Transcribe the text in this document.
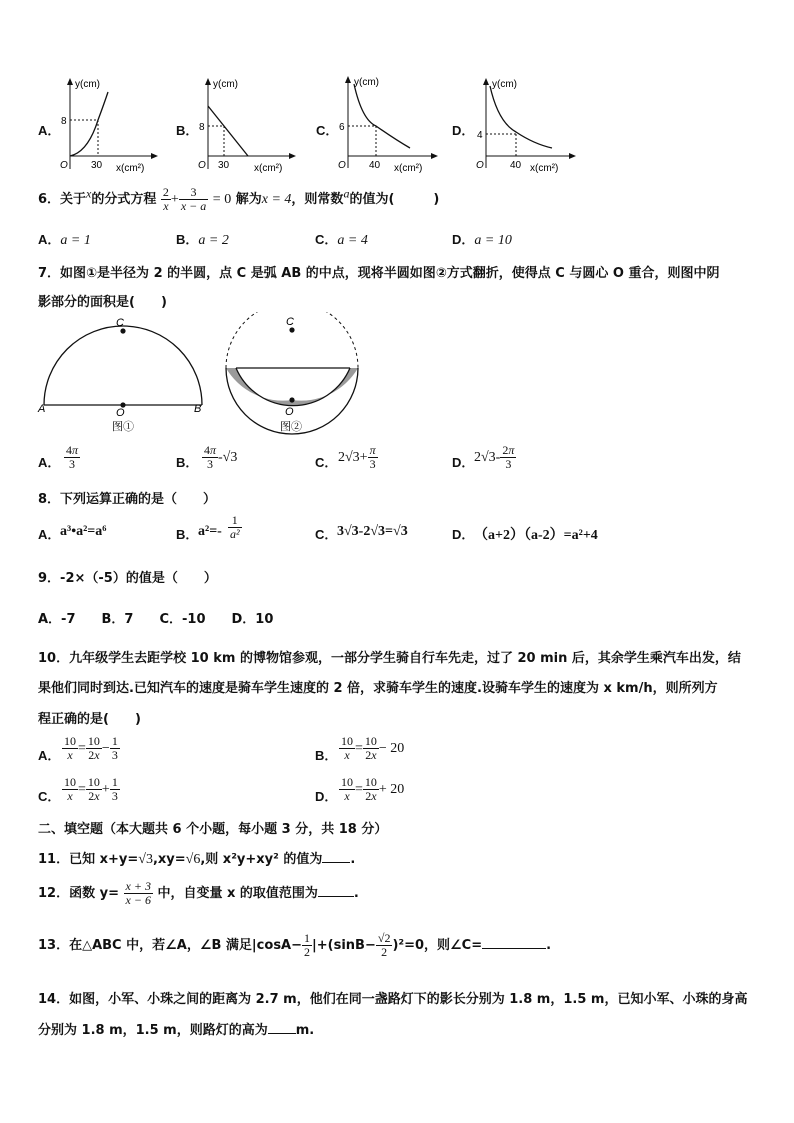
A．
y(cm)
8
30
O	x(cm²)
B．
y(cm)
8
30
O	x(cm²)
C．
y(cm)
6
40
O	x(cm²)
D．
y(cm)
4
40
O	x(cm²)
6．关于x的分式方程 $\frac{2}{x} + \frac{3}{x - a} = 0$ 解为x = 4，则常数a的值为(　　　)
A．a = 1	B．a = 2	C．a = 4	D．a = 10
7．如图①是半径为 2 的半圆，点 C 是弧 AB 的中点，现将半圆如图②方式翻折，使得点 C 与圆心 O 重合，则图中阴
影部分的面积是(　　)
A	B
C
O
图①
C
O
图②
A． $\frac{4\pi}{3}$	B． $\frac{4\pi}{3} -√3$	C． $2√3+ \frac{\pi}{3}$	D． $2√3- \frac{2\pi}{3}$
8．下列运算正确的是（　　）
A． a³•a²=a⁶	B． $a^2=- \frac{1}{\text{a²}}$	C． 3√3-2√3=√3	D． （a+2）（a-2）=a²+4
9．-2×（-5）的值是（　　）
A．-7　　B．7　　C．-10　　D．10
10．九年级学生去距学校 10 km 的博物馆参观，一部分学生骑自行车先走，过了 20 min 后，其余学生乘汽车出发，结
果他们同时到达.已知汽车的速度是骑车学生速度的 2 倍，求骑车学生的速度.设骑车学生的速度为 x km/h，则所列方
程正确的是(　　)
A． $\frac{10}{x} = \frac{10}{2x} - \frac{1}{3}$	B． $\frac{10}{x} = \frac{10}{2x} - 20$
C． $\frac{10}{x} = \frac{10}{2x} + \frac{1}{3}$	D． $\frac{10}{x} = \frac{10}{2x} + 20$
二、填空题（本大题共 6 个小题，每小题 3 分，共 18 分）
11．已知 x+y=√3,xy=√6,则 x²y+xy² 的值为 .
12．函数 $y= \frac{x + 3}{x - 6}$ 中，自变量 x 的取值范围为	.
13．在△ABC 中，若∠A，∠B 满足$|\cos A- \frac{1}{2} |+(\sin B- \frac{√2}{2} )^2=0$，则∠C=	.
14．如图，小军、小珠之间的距离为 2.7 m，他们在同一盏路灯下的影长分别为 1.8 m，1.5 m，已知小军、小珠的身高
分别为 1.8 m，1.5 m，则路灯的高为 m.
